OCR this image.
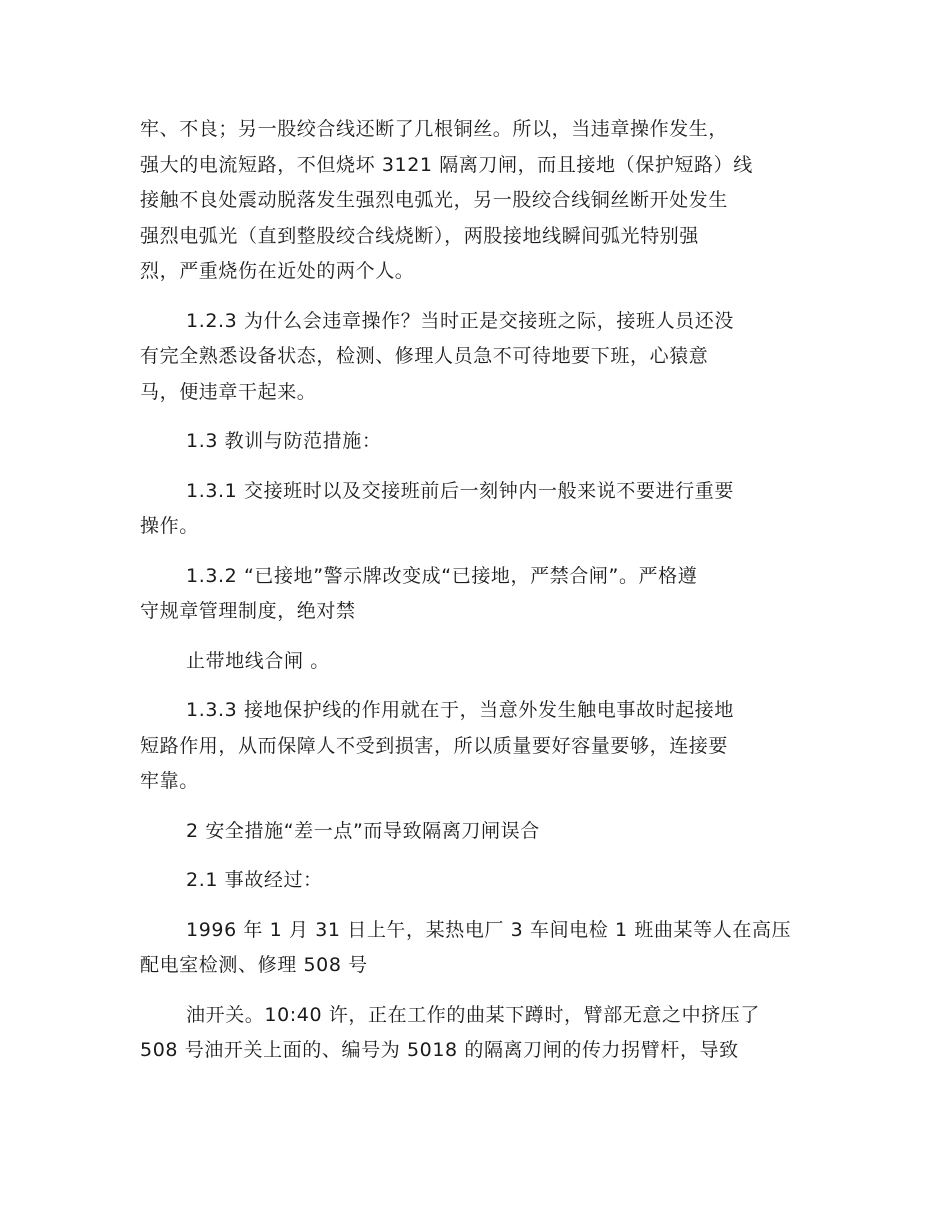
牢、不良；另一股绞合线还断了几根铜丝。所以，当违章操作发生，
强大的电流短路，不但烧坏 3121 隔离刀闸，而且接地（保护短路）线
接触不良处震动脱落发生强烈电弧光，另一股绞合线铜丝断开处发生
强烈电弧光（直到整股绞合线烧断），两股接地线瞬间弧光特别强
烈，严重烧伤在近处的两个人。

1.2.3 为什么会违章操作？当时正是交接班之际，接班人员还没
有完全熟悉设备状态，检测、修理人员急不可待地要下班，心猿意
马，便违章干起来。

1.3 教训与防范措施：

1.3.1 交接班时以及交接班前后一刻钟内一般来说不要进行重要
操作。

1.3.2 “已接地”警示牌改变成“已接地，严禁合闸”。严格遵
守规章管理制度，绝对禁

止带地线合闸 。

1.3.3 接地保护线的作用就在于，当意外发生触电事故时起接地
短路作用，从而保障人不受到损害，所以质量要好容量要够，连接要
牢靠。

2 安全措施“差一点”而导致隔离刀闸误合

2.1 事故经过：

1996 年 1 月 31 日上午，某热电厂 3 车间电检 1 班曲某等人在高压
配电室检测、修理 508 号

油开关。10:40 许，正在工作的曲某下蹲时，臂部无意之中挤压了
508 号油开关上面的、编号为 5018 的隔离刀闸的传力拐臂杆，导致
